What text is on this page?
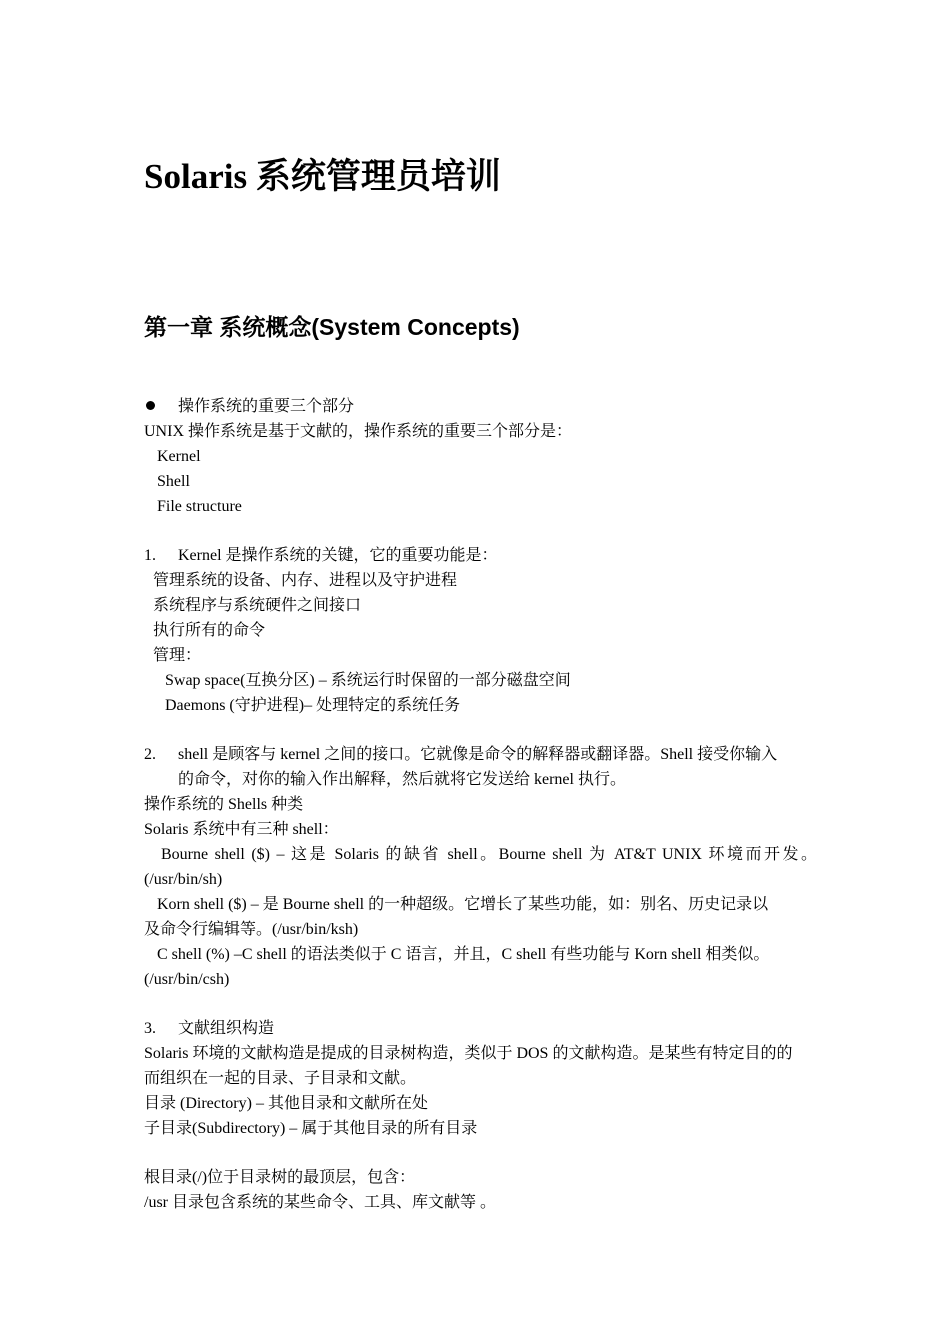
Solaris 系统管理员培训
第一章 系统概念(System Concepts)
操作系统的重要三个部分
UNIX 操作系统是基于文献的，操作系统的重要三个部分是：
Kernel
Shell
File structure
1. Kernel 是操作系统的关键，它的重要功能是：
管理系统的设备、内存、进程以及守护进程
系统程序与系统硬件之间接口
执行所有的命令
管理：
Swap space(互换分区) – 系统运行时保留的一部分磁盘空间
Daemons (守护进程)– 处理特定的系统任务
2. shell 是顾客与 kernel 之间的接口。它就像是命令的解释器或翻译器。Shell 接受你输入
的命令，对你的输入作出解释，然后就将它发送给 kernel 执行。
操作系统的 Shells 种类
Solaris 系统中有三种 shell：
Bourne shell ($) – 这是 Solaris 的缺省 shell。Bourne shell 为 AT&T UNIX 环境而开发。
(/usr/bin/sh)
Korn shell ($) – 是 Bourne shell 的一种超级。它增长了某些功能，如：别名、历史记录以
及命令行编辑等。(/usr/bin/ksh)
C shell (%) –C shell 的语法类似于 C 语言，并且，C shell 有些功能与 Korn shell 相类似。
(/usr/bin/csh)
3. 文献组织构造
Solaris 环境的文献构造是提成的目录树构造，类似于 DOS 的文献构造。是某些有特定目的的
而组织在一起的目录、子目录和文献。
目录 (Directory) – 其他目录和文献所在处
子目录(Subdirectory) – 属于其他目录的所有目录
根目录(/)位于目录树的最顶层，包含：
/usr 目录包含系统的某些命令、工具、库文献等 。
